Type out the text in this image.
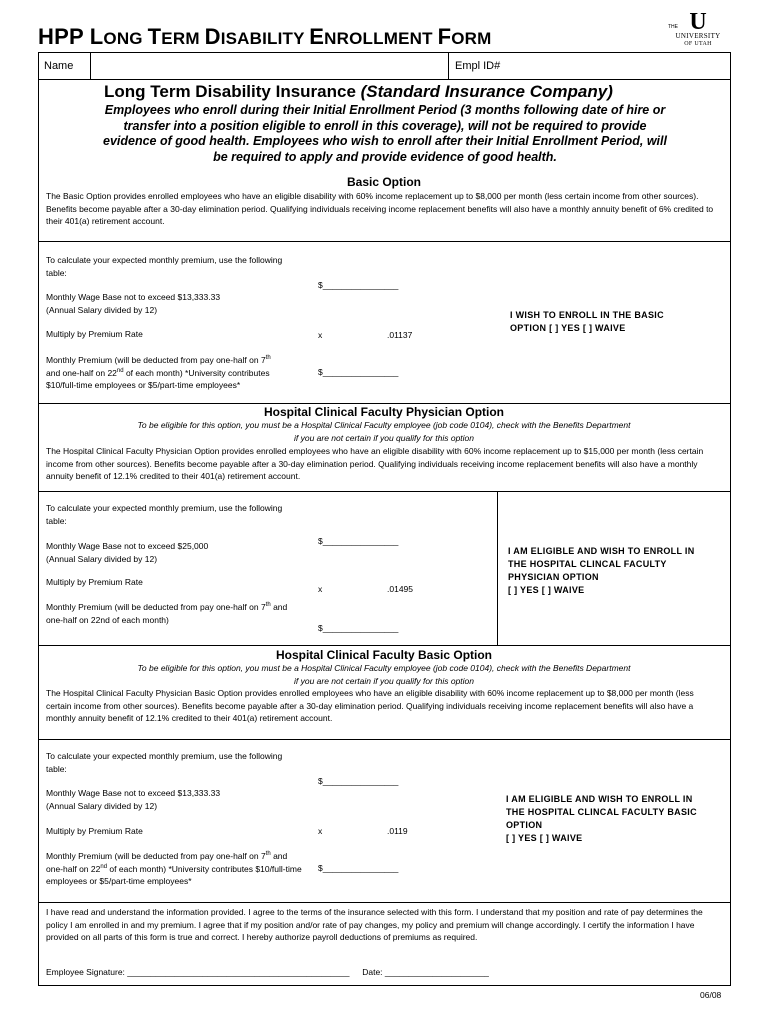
HPP LONG TERM DISABILITY ENROLLMENT FORM
THE U
UNIVERSITY
OF UTAH
Name	Empl ID#
Long Term Disability Insurance (Standard Insurance Company)
Employees who enroll during their Initial Enrollment Period (3 months following date of hire or transfer into a position eligible to enroll in this coverage), will not be required to provide evidence of good health. Employees who wish to enroll after their Initial Enrollment Period, will be required to apply and provide evidence of good health.
Basic Option
The Basic Option provides enrolled employees who have an eligible disability with 60% income replacement up to $8,000 per month (less certain income from other sources). Benefits become payable after a 30-day elimination period. Qualifying individuals receiving income replacement benefits will also have a monthly annuity benefit of 6% credited to their 401(a) retirement account.
To calculate your expected monthly premium, use the following table:
$________________
Monthly Wage Base not to exceed $13,333.33
(Annual Salary divided by 12)
Multiply by Premium Rate	x	.01137
Monthly Premium (will be deducted from pay one-half on 7th and one-half on 22nd of each month) *University contributes $10/full-time employees or $5/part-time employees*
$________________
I WISH TO ENROLL IN THE BASIC
OPTION [ ] YES [ ] WAIVE
Hospital Clinical Faculty Physician Option
To be eligible for this option, you must be a Hospital Clinical Faculty employee (job code 0104), check with the Benefits Department
if you are not certain if you qualify for this option
The Hospital Clinical Faculty Physician Option provides enrolled employees who have an eligible disability with 60% income replacement up to $15,000 per month (less certain income from other sources). Benefits become payable after a 30-day elimination period. Qualifying individuals receiving income replacement benefits will also have a monthly annuity benefit of 12.1% credited to their 401(a) retirement account.
To calculate your expected monthly premium, use the following table:
$________________
Monthly Wage Base not to exceed $25,000
(Annual Salary divided by 12)
Multiply by Premium Rate
x	.01495
Monthly Premium (will be deducted from pay one-half on 7th and one-half on 22nd of each month)
$________________
I AM ELIGIBLE AND WISH TO ENROLL IN
THE HOSPITAL CLINCAL FACULTY
PHYSICIAN OPTION
[ ] YES [ ] WAIVE
Hospital Clinical Faculty Basic Option
To be eligible for this option, you must be a Hospital Clinical Faculty employee (job code 0104), check with the Benefits Department
if you are not certain if you qualify for this option
The Hospital Clinical Faculty Physician Basic Option provides enrolled employees who have an eligible disability with 60% income replacement up to $8,000 per month (less certain income from other sources). Benefits become payable after a 30-day elimination period. Qualifying individuals receiving income replacement benefits will also have a monthly annuity benefit of 12.1% credited to their 401(a) retirement account.
To calculate your expected monthly premium, use the following table:
$________________
Monthly Wage Base not to exceed $13,333.33
(Annual Salary divided by 12)
Multiply by Premium Rate	x	.0119
Monthly Premium (will be deducted from pay one-half on 7th and one-half on 22nd of each month) *University contributes $10/full-time employees or $5/part-time employees*
$________________
I AM ELIGIBLE AND WISH TO ENROLL IN
THE HOSPITAL CLINCAL FACULTY BASIC
OPTION
[ ] YES [ ] WAIVE
I have read and understand the information provided. I agree to the terms of the insurance selected with this form. I understand that my position and rate of pay determines the policy I am enrolled in and my premium. I agree that if my position and/or rate of pay changes, my policy and premium will change accordingly. I certify the information I have provided on all parts of this form is true and correct. I hereby authorize payroll deductions of premiums as required.
Employee Signature: _______________________________________________ Date: ______________________
06/08
